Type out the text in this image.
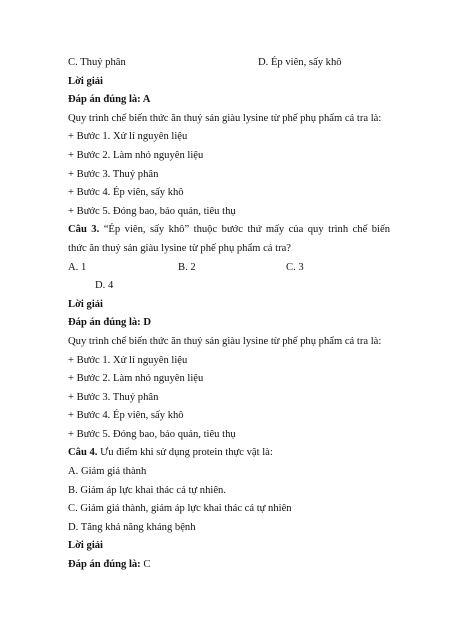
C. Thuỷ phân	D. Ép viên, sấy khô
Lời giải
Đáp án đúng là: A
Quy trình chế biến thức ăn thuỷ sản giàu lysine từ phế phụ phẩm cá tra là:
+ Bước 1. Xử lí nguyên liệu
+ Bước 2. Làm nhỏ nguyên liệu
+ Bước 3. Thuỷ phân
+ Bước 4. Ép viên, sấy khô
+ Bước 5. Đóng bao, bảo quản, tiêu thụ
Câu 3. “Ép viên, sấy khô” thuộc bước thứ mấy của quy trình chế biến
thức ăn thuỷ sản giàu lysine từ phế phụ phẩm cá tra?
A. 1	B. 2	C. 3
D. 4
Lời giải
Đáp án đúng là: D
Quy trình chế biến thức ăn thuỷ sản giàu lysine từ phế phụ phẩm cá tra là:
+ Bước 1. Xử lí nguyên liệu
+ Bước 2. Làm nhỏ nguyên liệu
+ Bước 3. Thuỷ phân
+ Bước 4. Ép viên, sấy khô
+ Bước 5. Đóng bao, bảo quản, tiêu thụ
Câu 4. Ưu điểm khi sử dụng protein thực vật là:
A. Giảm giá thành
B. Giảm áp lực khai thác cá tự nhiên.
C. Giảm giá thành, giảm áp lực khai thác cá tự nhiên
D. Tăng khả năng kháng bệnh
Lời giải
Đáp án đúng là: C
